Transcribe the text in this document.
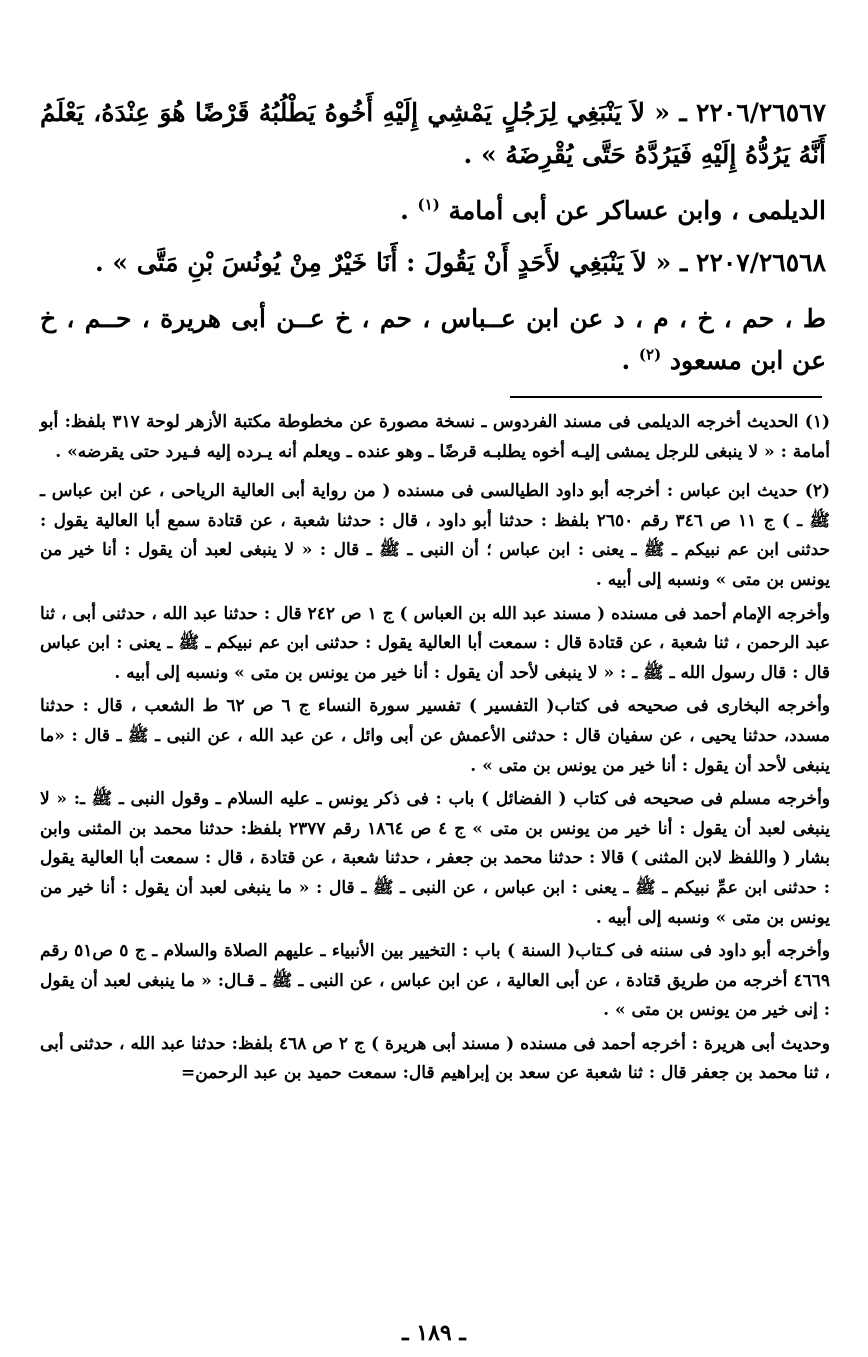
٢٢٠٦/٢٦٥٦٧ ـ « لاَ يَنْبَغِي لِرَجُلٍ يَمْشِي إِلَيْهِ أَخُوهُ يَطْلُبُهُ قَرْضًا هُوَ عِنْدَهُ، يَعْلَمُ أَنَّهُ يَرُدُّهُ إِلَيْهِ فَيَرُدَّهُ حَتَّى يُقْرِضَهُ » .

الديلمى ، وابن عساكر عن أبى أمامة $^{(١)}$ .

٢٢٠٧/٢٦٥٦٨ ـ « لاَ يَنْبَغِي لأَحَدٍ أَنْ يَقُولَ : أَنَا خَيْرٌ مِنْ يُونُسَ بْنِ مَتَّى » .

ط ، حم ، خ ، م ، د عن ابن عــباس ، حم ، خ عــن أبى هريرة ، حــم ، خ عن ابن مسعود $^{(٢)}$ .

(١) الحديث أخرجه الديلمى فى مسند الفردوس ـ نسخة مصورة عن مخطوطة مكتبة الأزهر لوحة ٣١٧ بلفظ: أبو أمامة : « لا ينبغى للرجل يمشى إليـه أخوه يطلبـه قرضًا ـ وهو عنده ـ ويعلم أنه يـرده إليه فـيرد حتى يقرضه» .

(٢) حديث ابن عباس : أخرجه أبو داود الطيالسى فى مسنده ( من رواية أبى العالية الرياحى ، عن ابن عباس ـ ﷺ ـ ) ج ١١ ص ٣٤٦ رقم ٢٦٥٠ بلفظ : حدثنا أبو داود ، قال : حدثنا شعبة ، عن قتادة سمع أبا العالية يقول : حدثنى ابن عم نبيكم ـ ﷺ ـ يعنى : ابن عباس ؛ أن النبى ـ ﷺ ـ قال : « لا ينبغى لعبد أن يقول : أنا خير من يونس بن متى » ونسبه إلى أبيه .

وأخرجه الإمام أحمد فى مسنده ( مسند عبد الله بن العباس ) ج ١ ص ٢٤٢ قال : حدثنا عبد الله ، حدثنى أبى ، ثنا عبد الرحمن ، ثنا شعبة ، عن قتادة قال : سمعت أبا العالية يقول : حدثنى ابن عم نبيكم ـ ﷺ ـ يعنى : ابن عباس قال : قال رسول الله ـ ﷺ ـ : « لا ينبغى لأحد أن يقول : أنا خير من يونس بن متى » ونسبه إلى أبيه .

وأخرجه البخارى فى صحيحه فى كتاب( التفسير ) تفسير سورة النساء ج ٦ ص ٦٢ ط الشعب ، قال : حدثنا مسدد، حدثنا يحيى ، عن سفيان قال : حدثنى الأعمش عن أبى وائل ، عن عبد الله ، عن النبى ـ ﷺ ـ قال : «ما ينبغى لأحد أن يقول : أنا خير من يونس بن متى » .

وأخرجه مسلم فى صحيحه فى كتاب ( الفضائل ) باب : فى ذكر يونس ـ عليه السلام ـ وقول النبى ـ ﷺ ـ: « لا ينبغى لعبد أن يقول : أنا خير من يونس بن متى » ج ٤ ص ١٨٦٤ رقم ٢٣٧٧ بلفظ: حدثنا محمد بن المثنى وابن بشار ( واللفظ لابن المثنى ) قالا : حدثنا محمد بن جعفر ، حدثنا شعبة ، عن قتادة ، قال : سمعت أبا العالية يقول : حدثنى ابن عمِّ نبيكم ـ ﷺ ـ يعنى : ابن عباس ، عن النبى ـ ﷺ ـ قال : « ما ينبغى لعبد أن يقول : أنا خير من يونس بن متى » ونسبه إلى أبيه .

وأخرجه أبو داود فى سننه فى كـتاب( السنة ) باب : التخيير بين الأنبياء ـ عليهم الصلاة والسلام ـ ج ٥ ص٥١ رقم ٤٦٦٩ أخرجه من طريق قتادة ، عن أبى العالية ، عن ابن عباس ، عن النبى ـ ﷺ ـ قـال: « ما ينبغى لعبد أن يقول : إنى خير من يونس بن متى » .

وحديث أبى هريرة : أخرجه أحمد فى مسنده ( مسند أبى هريرة ) ج ٢ ص ٤٦٨ بلفظ: حدثنا عبد الله ، حدثنى أبى ، ثنا محمد بن جعفر قال : ثنا شعبة عن سعد بن إبراهيم قال: سمعت حميد بن عبد الرحمن=

ـ ١٨٩ ـ
